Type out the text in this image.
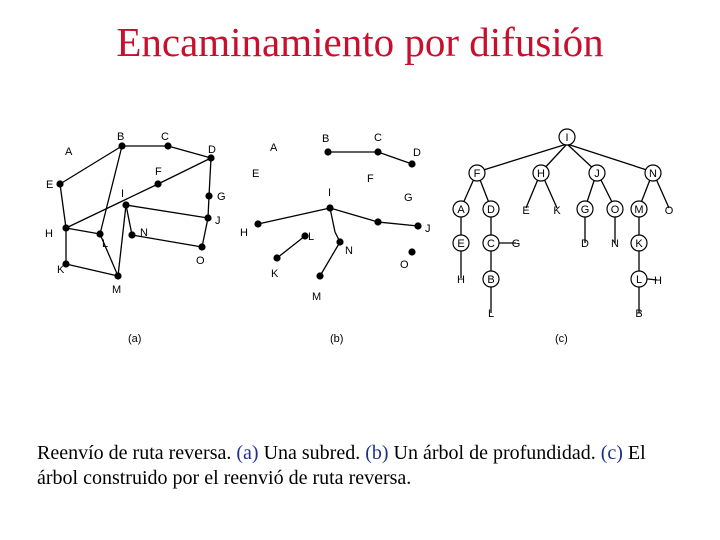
Encaminamiento por difusión
A
B	C
D
E
F
I	G
J
H
L
N
O
K
M
(a)
A
B	C
D
E	F
I	G
J
H	L
N
O
K
M
(b)
I
F	H	J	N
A D	G O M
E C	K
B	L
E K	O
G	D N
H	H
L	B
(c)
Reenvío de ruta reversa. (a) Una subred. (b) Un árbol de profundidad. (c) El árbol construido por el reenvió de ruta reversa.
